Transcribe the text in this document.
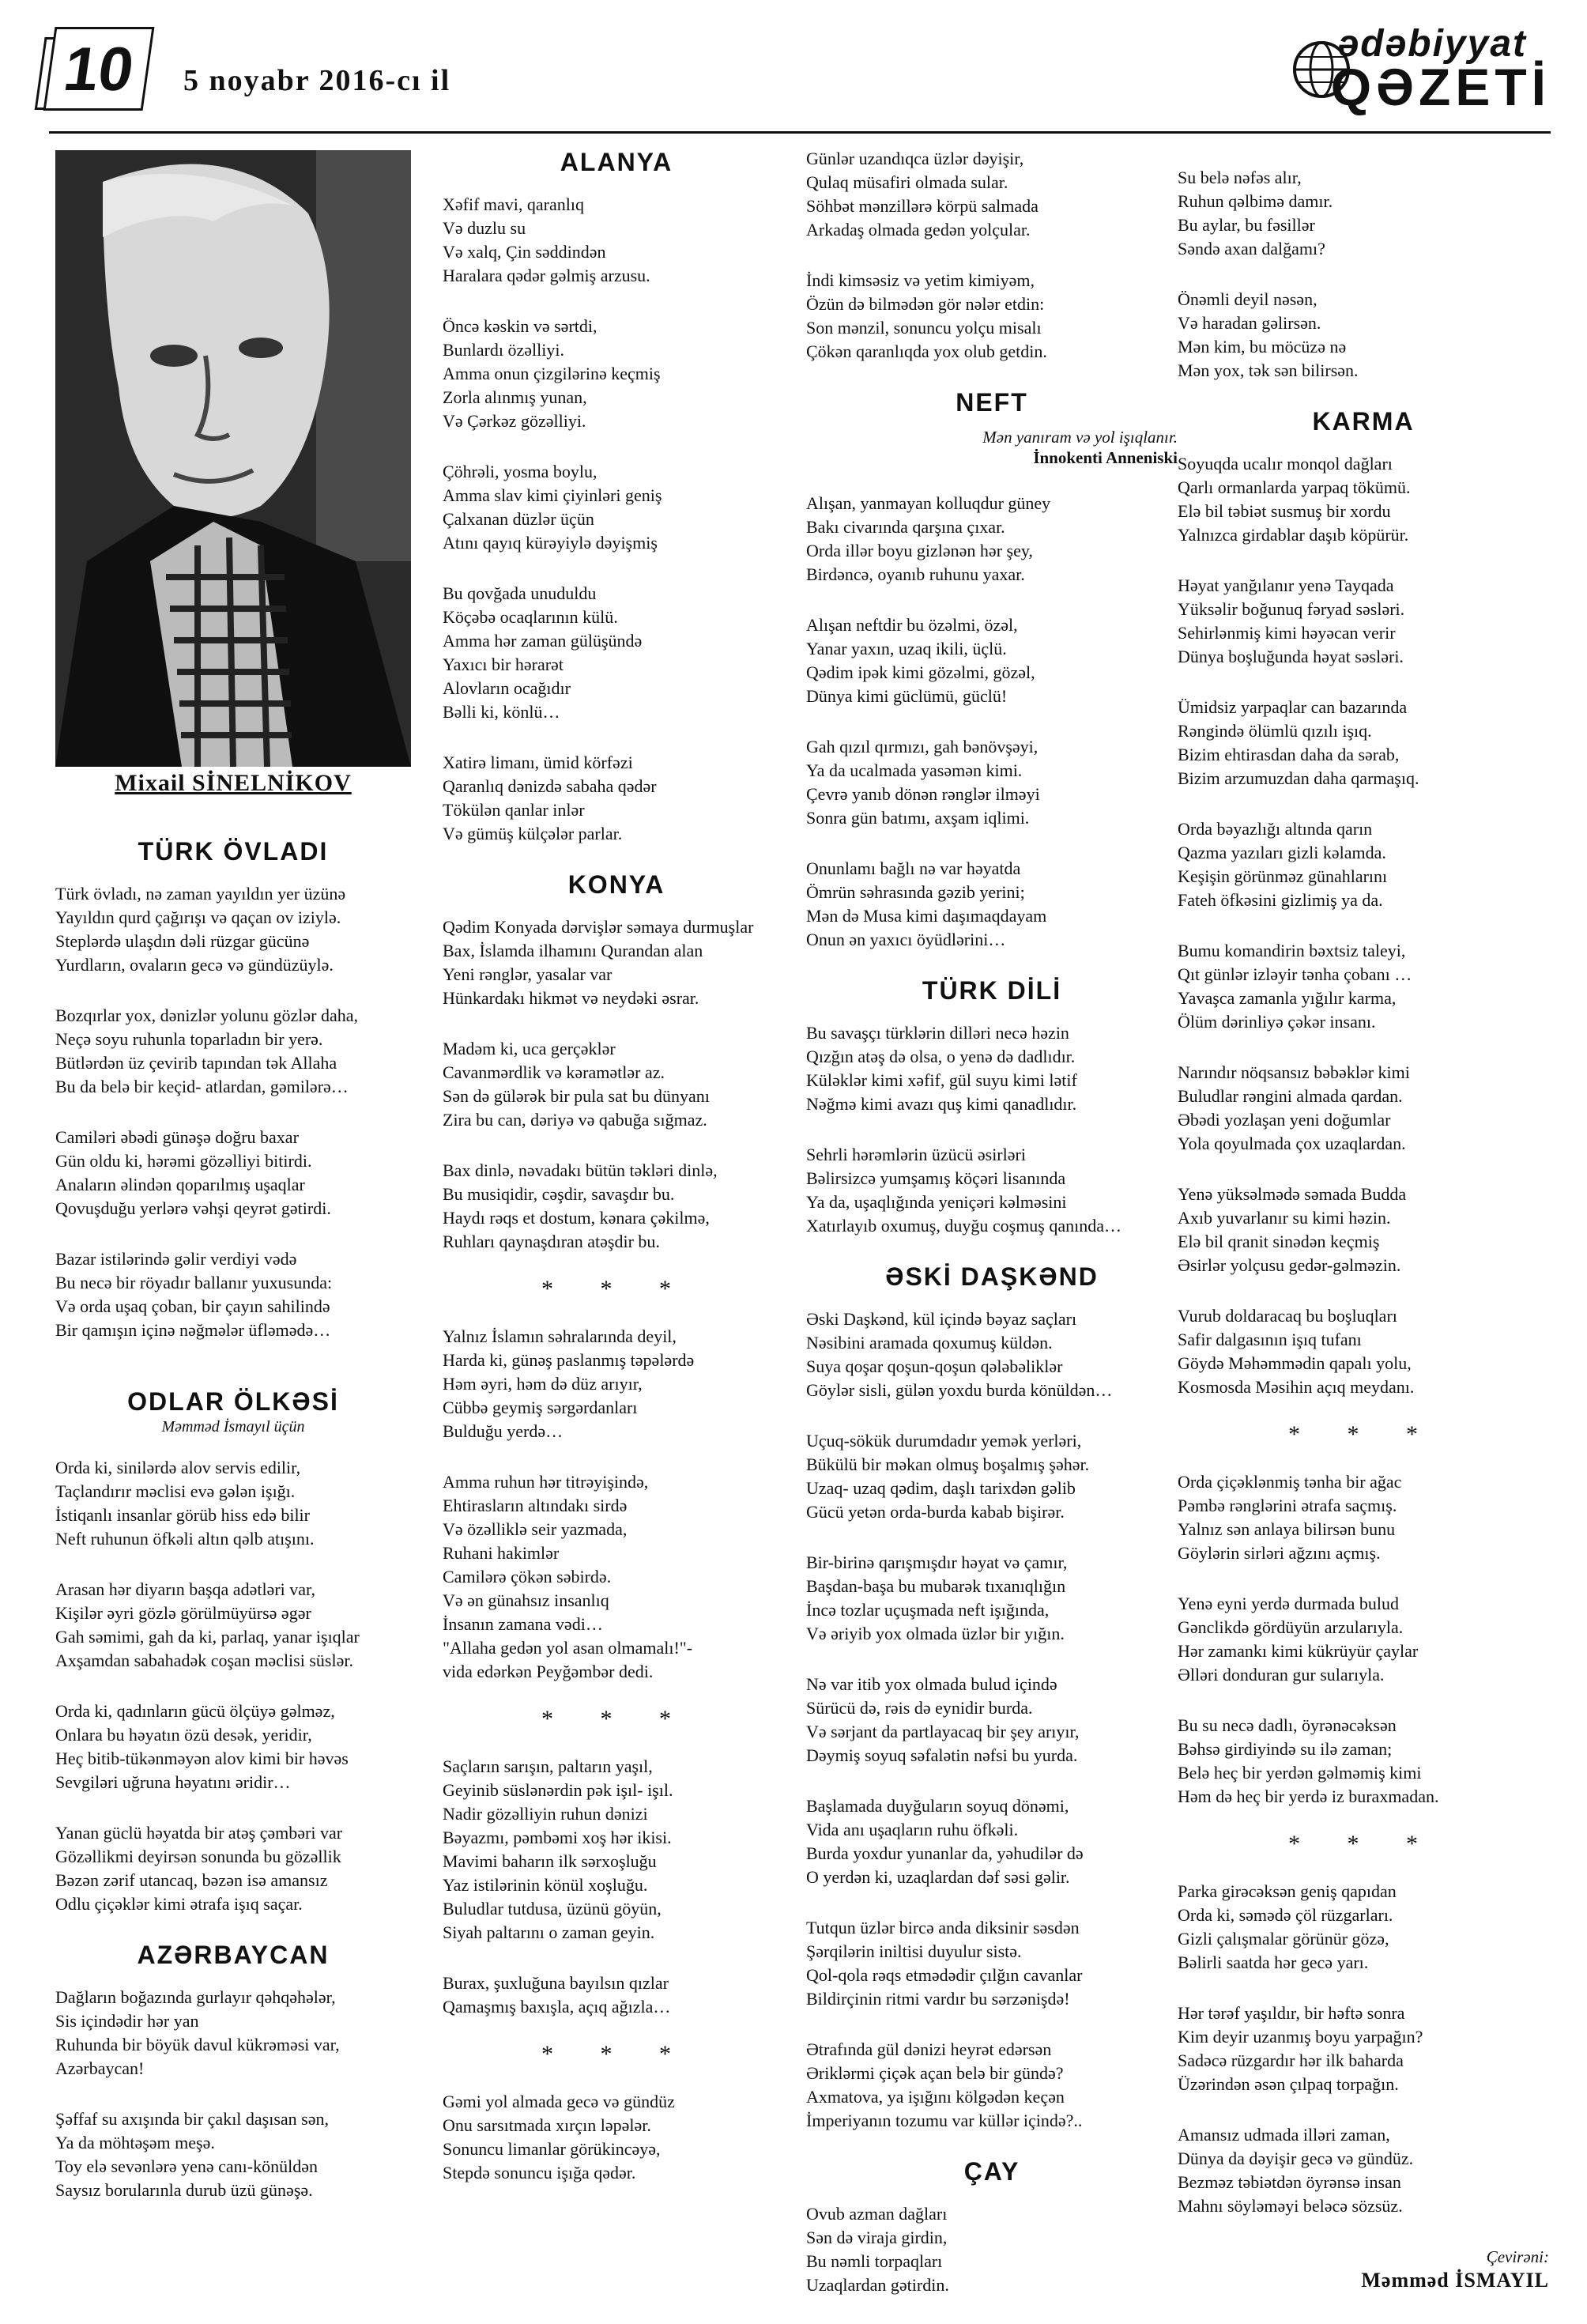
10	5 noyabr 2016-cı il
ədəbiyyat
QƏZETİ
Mixail SİNELNİKOV
TÜRK ÖVLADI
Türk övladı, nə zaman yayıldın yer üzünə
Yayıldın qurd çağırışı və qaçan ov iziylə.
Steplərdə ulaşdın dəli rüzgar gücünə
Yurdların, ovaların gecə və gündüzüylə.
Bozqırlar yox, dənizlər yolunu gözlər daha,
Neçə soyu ruhunla toparladın bir yerə.
Bütlərdən üz çevirib tapından tək Allaha
Bu da belə bir keçid- atlardan, gəmilərə…
Camiləri əbədi günəşə doğru baxar
Gün oldu ki, hərəmi gözəlliyi bitirdi.
Anaların əlindən qoparılmış uşaqlar
Qovuşduğu yerlərə vəhşi qeyrət gətirdi.
Bazar istilərində gəlir verdiyi vədə
Bu necə bir röyadır ballanır yuxusunda:
Və orda uşaq çoban, bir çayın sahilində
Bir qamışın içinə nəğmələr üfləmədə…
ODLAR ÖLKƏSİ
Məmməd İsmayıl üçün
Orda ki, sinilərdə alov servis edilir,
Taçlandırır məclisi evə gələn işığı.
İstiqanlı insanlar görüb hiss edə bilir
Neft ruhunun öfkəli altın qəlb atışını.
Arasan hər diyarın başqa adətləri var,
Kişilər əyri gözlə görülmüyürsə əgər
Gah səmimi, gah da ki, parlaq, yanar işıqlar
Axşamdan sabahadək coşan məclisi süslər.
Orda ki, qadınların gücü ölçüyə gəlməz,
Onlara bu həyatın özü desək, yeridir,
Heç bitib-tükənməyən alov kimi bir həvəs
Sevgiləri uğruna həyatını əridir…
Yanan güclü həyatda bir atəş çəmbəri var
Gözəllikmi deyirsən sonunda bu gözəllik
Bəzən zərif utancaq, bəzən isə amansız
Odlu çiçəklər kimi ətrafa işıq saçar.
AZƏRBAYCAN
Dağların boğazında gurlayır qəhqəhələr,
Sis içindədir hər yan
Ruhunda bir böyük davul kükrəməsi var,
Azərbaycan!
Şəffaf su axışında bir çakıl daşısan sən,
Ya da möhtəşəm meşə.
Toy elə sevənlərə yenə canı-könüldən
Saysız borularınla durub üzü günəşə.
ALANYA
Xəfif mavi, qaranlıq
Və duzlu su
Və xalq, Çin səddindən
Haralara qədər gəlmiş arzusu.
Öncə kəskin və sərtdi,
Bunlardı özəlliyi.
Amma onun çizgilərinə keçmiş
Zorla alınmış yunan,
Və Çərkəz gözəlliyi.
Çöhrəli, yosma boylu,
Amma slav kimi çiyinləri geniş
Çalxanan düzlər üçün
Atını qayıq kürəyiylə dəyişmiş
Bu qovğada unuduldu
Köçəbə ocaqlarının külü.
Amma hər zaman gülüşündə
Yaxıcı bir hərarət
Alovların ocağıdır
Bəlli ki, könlü…
Xatirə limanı, ümid körfəzi
Qaranlıq dənizdə sabaha qədər
Tökülən qanlar inlər
Və gümüş külçələr parlar.
KONYA
Qədim Konyada dərvişlər səmaya durmuşlar
Bax, İslamda ilhamını Qurandan alan
Yeni rənglər, yasalar var
Hünkardakı hikmət və neydəki əsrar.
Madəm ki, uca gerçəklər
Cavanmərdlik və kəramətlər az.
Sən də gülərək bir pula sat bu dünyanı
Zira bu can, dəriyə və qabuğa sığmaz.
Bax dinlə, nəvadakı bütün təkləri dinlə,
Bu musiqidir, cəşdir, savaşdır bu.
Haydı rəqs et dostum, kənara çəkilmə,
Ruhları qaynaşdıran atəşdir bu.
* * *
Yalnız İslamın səhralarında deyil,
Harda ki, günəş paslanmış təpələrdə
Həm əyri, həm də düz arıyır,
Cübbə geymiş sərgərdanları
Bulduğu yerdə…
Amma ruhun hər titrəyişində,
Ehtirasların altındakı sirdə
Və özəlliklə seir yazmada,
Ruhani hakimlər
Camilərə çökən səbirdə.
Və ən günahsız insanlıq
İnsanın zamana vədi…
"Allaha gedən yol asan olmamalı!"-
vida edərkən Peyğəmbər dedi.
* * *
Saçların sarışın, paltarın yaşıl,
Geyinib süslənərdin pək işıl- işıl.
Nadir gözəlliyin ruhun dənizi
Bəyazmı, pəmbəmi xoş hər ikisi.
Mavimi baharın ilk sərxoşluğu
Yaz istilərinin könül xoşluğu.
Buludlar tutdusa, üzünü göyün,
Siyah paltarını o zaman geyin.
Burax, şuxluğuna bayılsın qızlar
Qamaşmış baxışla, açıq ağızla…
* * *
Gəmi yol almada gecə və gündüz
Onu sarsıtmada xırçın ləpələr.
Sonuncu limanlar görükincəyə,
Stepdə sonuncu işığa qədər.
Günlər uzandıqca üzlər dəyişir,
Qulaq müsafiri olmada sular.
Söhbət mənzillərə körpü salmada
Arkadaş olmada gedən yolçular.
İndi kimsəsiz və yetim kimiyəm,
Özün də bilmədən gör nələr etdin:
Son mənzil, sonuncu yolçu misalı
Çökən qaranlıqda yox olub getdin.
NEFT
Mən yanıram və yol işıqlanır.
İnnokenti Anneniski
Alışan, yanmayan kolluqdur güney
Bakı civarında qarşına çıxar.
Orda illər boyu gizlənən hər şey,
Birdəncə, oyanıb ruhunu yaxar.
Alışan neftdir bu özəlmi, özəl,
Yanar yaxın, uzaq ikili, üçlü.
Qədim ipək kimi gözəlmi, gözəl,
Dünya kimi güclümü, güclü!
Gah qızıl qırmızı, gah bənövşəyi,
Ya da ucalmada yasəmən kimi.
Çevrə yanıb dönən rənglər ilməyi
Sonra gün batımı, axşam iqlimi.
Onunlamı bağlı nə var həyatda
Ömrün səhrasında gəzib yerini;
Mən də Musa kimi daşımaqdayam
Onun ən yaxıcı öyüdlərini…
TÜRK DİLİ
Bu savaşçı türklərin dilləri necə həzin
Qızğın atəş də olsa, o yenə də dadlıdır.
Küləklər kimi xəfif, gül suyu kimi lətif
Nəğmə kimi avazı quş kimi qanadlıdır.
Sehrli hərəmlərin üzücü əsirləri
Bəlirsizcə yumşamış köçəri lisanında
Ya da, uşaqlığında yeniçəri kəlməsini
Xatırlayıb oxumuş, duyğu coşmuş qanında…
ƏSKİ DAŞKƏND
Əski Daşkənd, kül içində bəyaz saçları
Nəsibini aramada qoxumuş küldən.
Suya qoşar qoşun-qoşun qələbəliklər
Göylər sisli, gülən yoxdu burda könüldən…
Uçuq-sökük durumdadır yemək yerləri,
Bükülü bir məkan olmuş boşalmış şəhər.
Uzaq- uzaq qədim, daşlı tarixdən gəlib
Gücü yetən orda-burda kabab bişirər.
Bir-birinə qarışmışdır həyat və çamır,
Başdan-başa bu mubarək tıxanıqlığın
İncə tozlar uçuşmada neft işığında,
Və əriyib yox olmada üzlər bir yığın.
Nə var itib yox olmada bulud içində
Sürücü də, rəis də eynidir burda.
Və sərjant da partlayacaq bir şey arıyır,
Dəymiş soyuq səfalətin nəfsi bu yurda.
Başlamada duyğuların soyuq dönəmi,
Vida anı uşaqların ruhu öfkəli.
Burda yoxdur yunanlar da, yəhudilər də
O yerdən ki, uzaqlardan dəf səsi gəlir.
Tutqun üzlər bircə anda diksinir səsdən
Şərqilərin iniltisi duyulur sistə.
Qol-qola rəqs etmədədir çılğın cavanlar
Bildirçinin ritmi vardır bu sərzənişdə!
Ətrafında gül dənizi heyrət edərsən
Əriklərmi çiçək açan belə bir gündə?
Axmatova, ya işığını kölgədən keçən
İmperiyanın tozumu var küllər içində?..
ÇAY
Ovub azman dağları
Sən də viraja girdin,
Bu nəmli torpaqları
Uzaqlardan gətirdin.
Su belə nəfəs alır,
Ruhun qəlbimə damır.
Bu aylar, bu fəsillər
Səndə axan dalğamı?
Önəmli deyil nəsən,
Və haradan gəlirsən.
Mən kim, bu möcüzə nə
Mən yox, tək sən bilirsən.
KARMA
Soyuqda ucalır monqol dağları
Qarlı ormanlarda yarpaq tökümü.
Elə bil təbiət susmuş bir xordu
Yalnızca girdablar daşıb köpürür.
Həyat yanğılanır yenə Tayqada
Yüksəlir boğunuq fəryad səsləri.
Sehirlənmiş kimi həyəcan verir
Dünya boşluğunda həyat səsləri.
Ümidsiz yarpaqlar can bazarında
Rəngində ölümlü qızılı işıq.
Bizim ehtirasdan daha da sərab,
Bizim arzumuzdan daha qarmaşıq.
Orda bəyazlığı altında qarın
Qazma yazıları gizli kəlamda.
Keşişin görünməz günahlarını
Fateh öfkəsini gizlimiş ya da.
Bumu komandirin bəxtsiz taleyi,
Qıt günlər izləyir tənha çobanı …
Yavaşca zamanla yığılır karma,
Ölüm dərinliyə çəkər insanı.
Narındır nöqsansız bəbəklər kimi
Buludlar rəngini almada qardan.
Əbədi yozlaşan yeni doğumlar
Yola qoyulmada çox uzaqlardan.
Yenə yüksəlmədə səmada Budda
Axıb yuvarlanır su kimi həzin.
Elə bil qranit sinədən keçmiş
Əsirlər yolçusu gedər-gəlməzin.
Vurub doldaracaq bu boşluqları
Safir dalgasının işıq tufanı
Göydə Məhəmmədin qapalı yolu,
Kosmosda Məsihin açıq meydanı.
* * *
Orda çiçəklənmiş tənha bir ağac
Pəmbə rənglərini ətrafa saçmış.
Yalnız sən anlaya bilirsən bunu
Göylərin sirləri ağzını açmış.
Yenə eyni yerdə durmada bulud
Gənclikdə gördüyün arzularıyla.
Hər zamankı kimi kükrüyür çaylar
Əlləri donduran gur sularıyla.
Bu su necə dadlı, öyrənəcəksən
Bəhsə girdiyində su ilə zaman;
Belə heç bir yerdən gəlməmiş kimi
Həm də heç bir yerdə iz buraxmadan.
* * *
Parka girəcəksən geniş qapıdan
Orda ki, səmədə çöl rüzgarları.
Gizli çalışmalar görünür gözə,
Bəlirli saatda hər gecə yarı.
Hər tərəf yaşıldır, bir həftə sonra
Kim deyir uzanmış boyu yarpağın?
Sadəcə rüzgardır hər ilk baharda
Üzərindən əsən çılpaq torpağın.
Amansız udmada illəri zaman,
Dünya da dəyişir gecə və gündüz.
Bezməz təbiətdən öyrənsə insan
Mahnı söyləməyi beləcə sözsüz.
Çevirəni:
Məmməd İSMAYIL
